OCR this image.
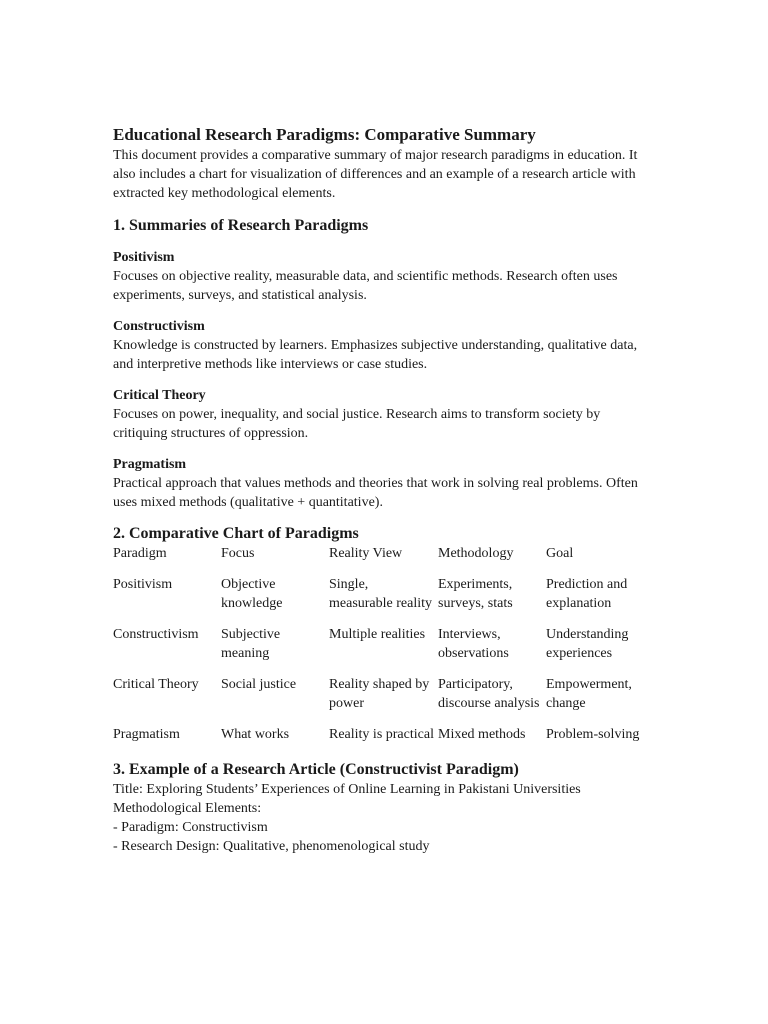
Educational Research Paradigms: Comparative Summary

This document provides a comparative summary of major research paradigms in education. It also includes a chart for visualization of differences and an example of a research article with extracted key methodological elements.

1. Summaries of Research Paradigms

Positivism

Focuses on objective reality, measurable data, and scientific methods. Research often uses experiments, surveys, and statistical analysis.

Constructivism

Knowledge is constructed by learners. Emphasizes subjective understanding, qualitative data, and interpretive methods like interviews or case studies.

Critical Theory

Focuses on power, inequality, and social justice. Research aims to transform society by critiquing structures of oppression.

Pragmatism

Practical approach that values methods and theories that work in solving real problems. Often uses mixed methods (qualitative + quantitative).

2. Comparative Chart of Paradigms
Paradigm	Focus	Reality View	Methodology	Goal
Positivism	Objective knowledge	Single, measurable reality	Experiments, surveys, stats	Prediction and explanation
Constructivism	Subjective meaning	Multiple realities	Interviews, observations	Understanding experiences
Critical Theory	Social justice	Reality shaped by power	Participatory, discourse analysis	Empowerment, change
Pragmatism	What works	Reality is practical	Mixed methods	Problem-solving
3. Example of a Research Article (Constructivist Paradigm)

Title: Exploring Students’ Experiences of Online Learning in Pakistani Universities

Methodological Elements:

- Paradigm: Constructivism

- Research Design: Qualitative, phenomenological study
